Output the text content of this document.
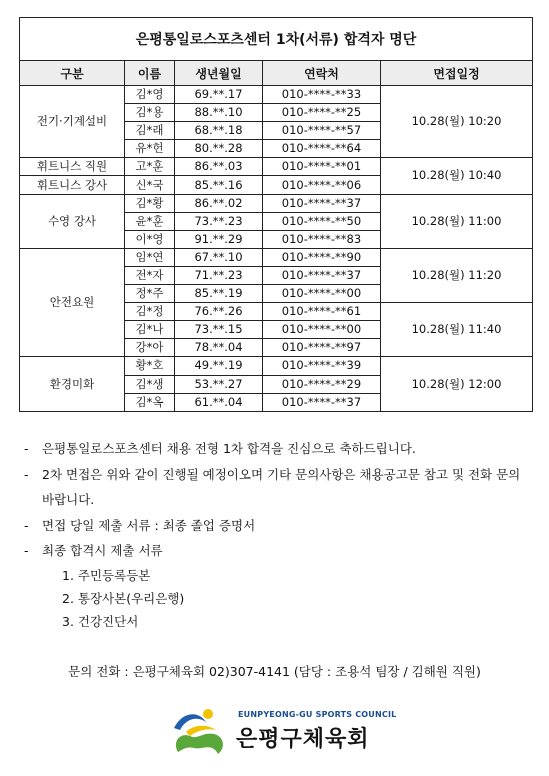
은평통일로스포츠센터 1차(서류) 합격자 명단				
구분	이름	생년월일	연락처	면접일정
전기·기계설비	김*영	69.**.17	010-****-**33	10.28(월) 10:20
	김*용	88.**.10	010-****-**25	
	김*래	68.**.18	010-****-**57	
	유*헌	80.**.28	010-****-**64	
휘트니스 직원	고*훈	86.**.03	010-****-**01	10.28(월) 10:40
휘트니스 강사	신*국	85.**.16	010-****-**06	
수영 강사	김*황	86.**.02	010-****-**37	10.28(월) 11:00
	윤*훈	73.**.23	010-****-**50	
	이*영	91.**.29	010-****-**83	
안전요원	임*연	67.**.10	010-****-**90	10.28(월) 11:20
	전*자	71.**.23	010-****-**37	
	정*주	85.**.19	010-****-**00	
	김*정	76.**.26	010-****-**61	10.28(월) 11:40
	김*나	73.**.15	010-****-**00	
	강*아	78.**.04	010-****-**97	
환경미화	황*호	49.**.19	010-****-**39	10.28(월) 12:00
	김*생	53.**.27	010-****-**29	
	김*옥	61.**.04	010-****-**37	
- 은평통일로스포츠센터 채용 전형 1차 합격을 진심으로 축하드립니다.
- 2차 면접은 위와 같이 진행될 예정이오며 기타 문의사항은 채용공고문 참고 및 전화 문의 바랍니다.
- 면접 당일 제출 서류 : 최종 졸업 증명서
- 최종 합격시 제출 서류
1. 주민등록등본
2. 통장사본(우리은행)
3. 건강진단서
문의 전화 : 은평구체육회 02)307-4141 (담당 : 조용석 팀장 / 김해원 직원)
EUNPYEONG-GU SPORTS COUNCIL
은평구체육회
